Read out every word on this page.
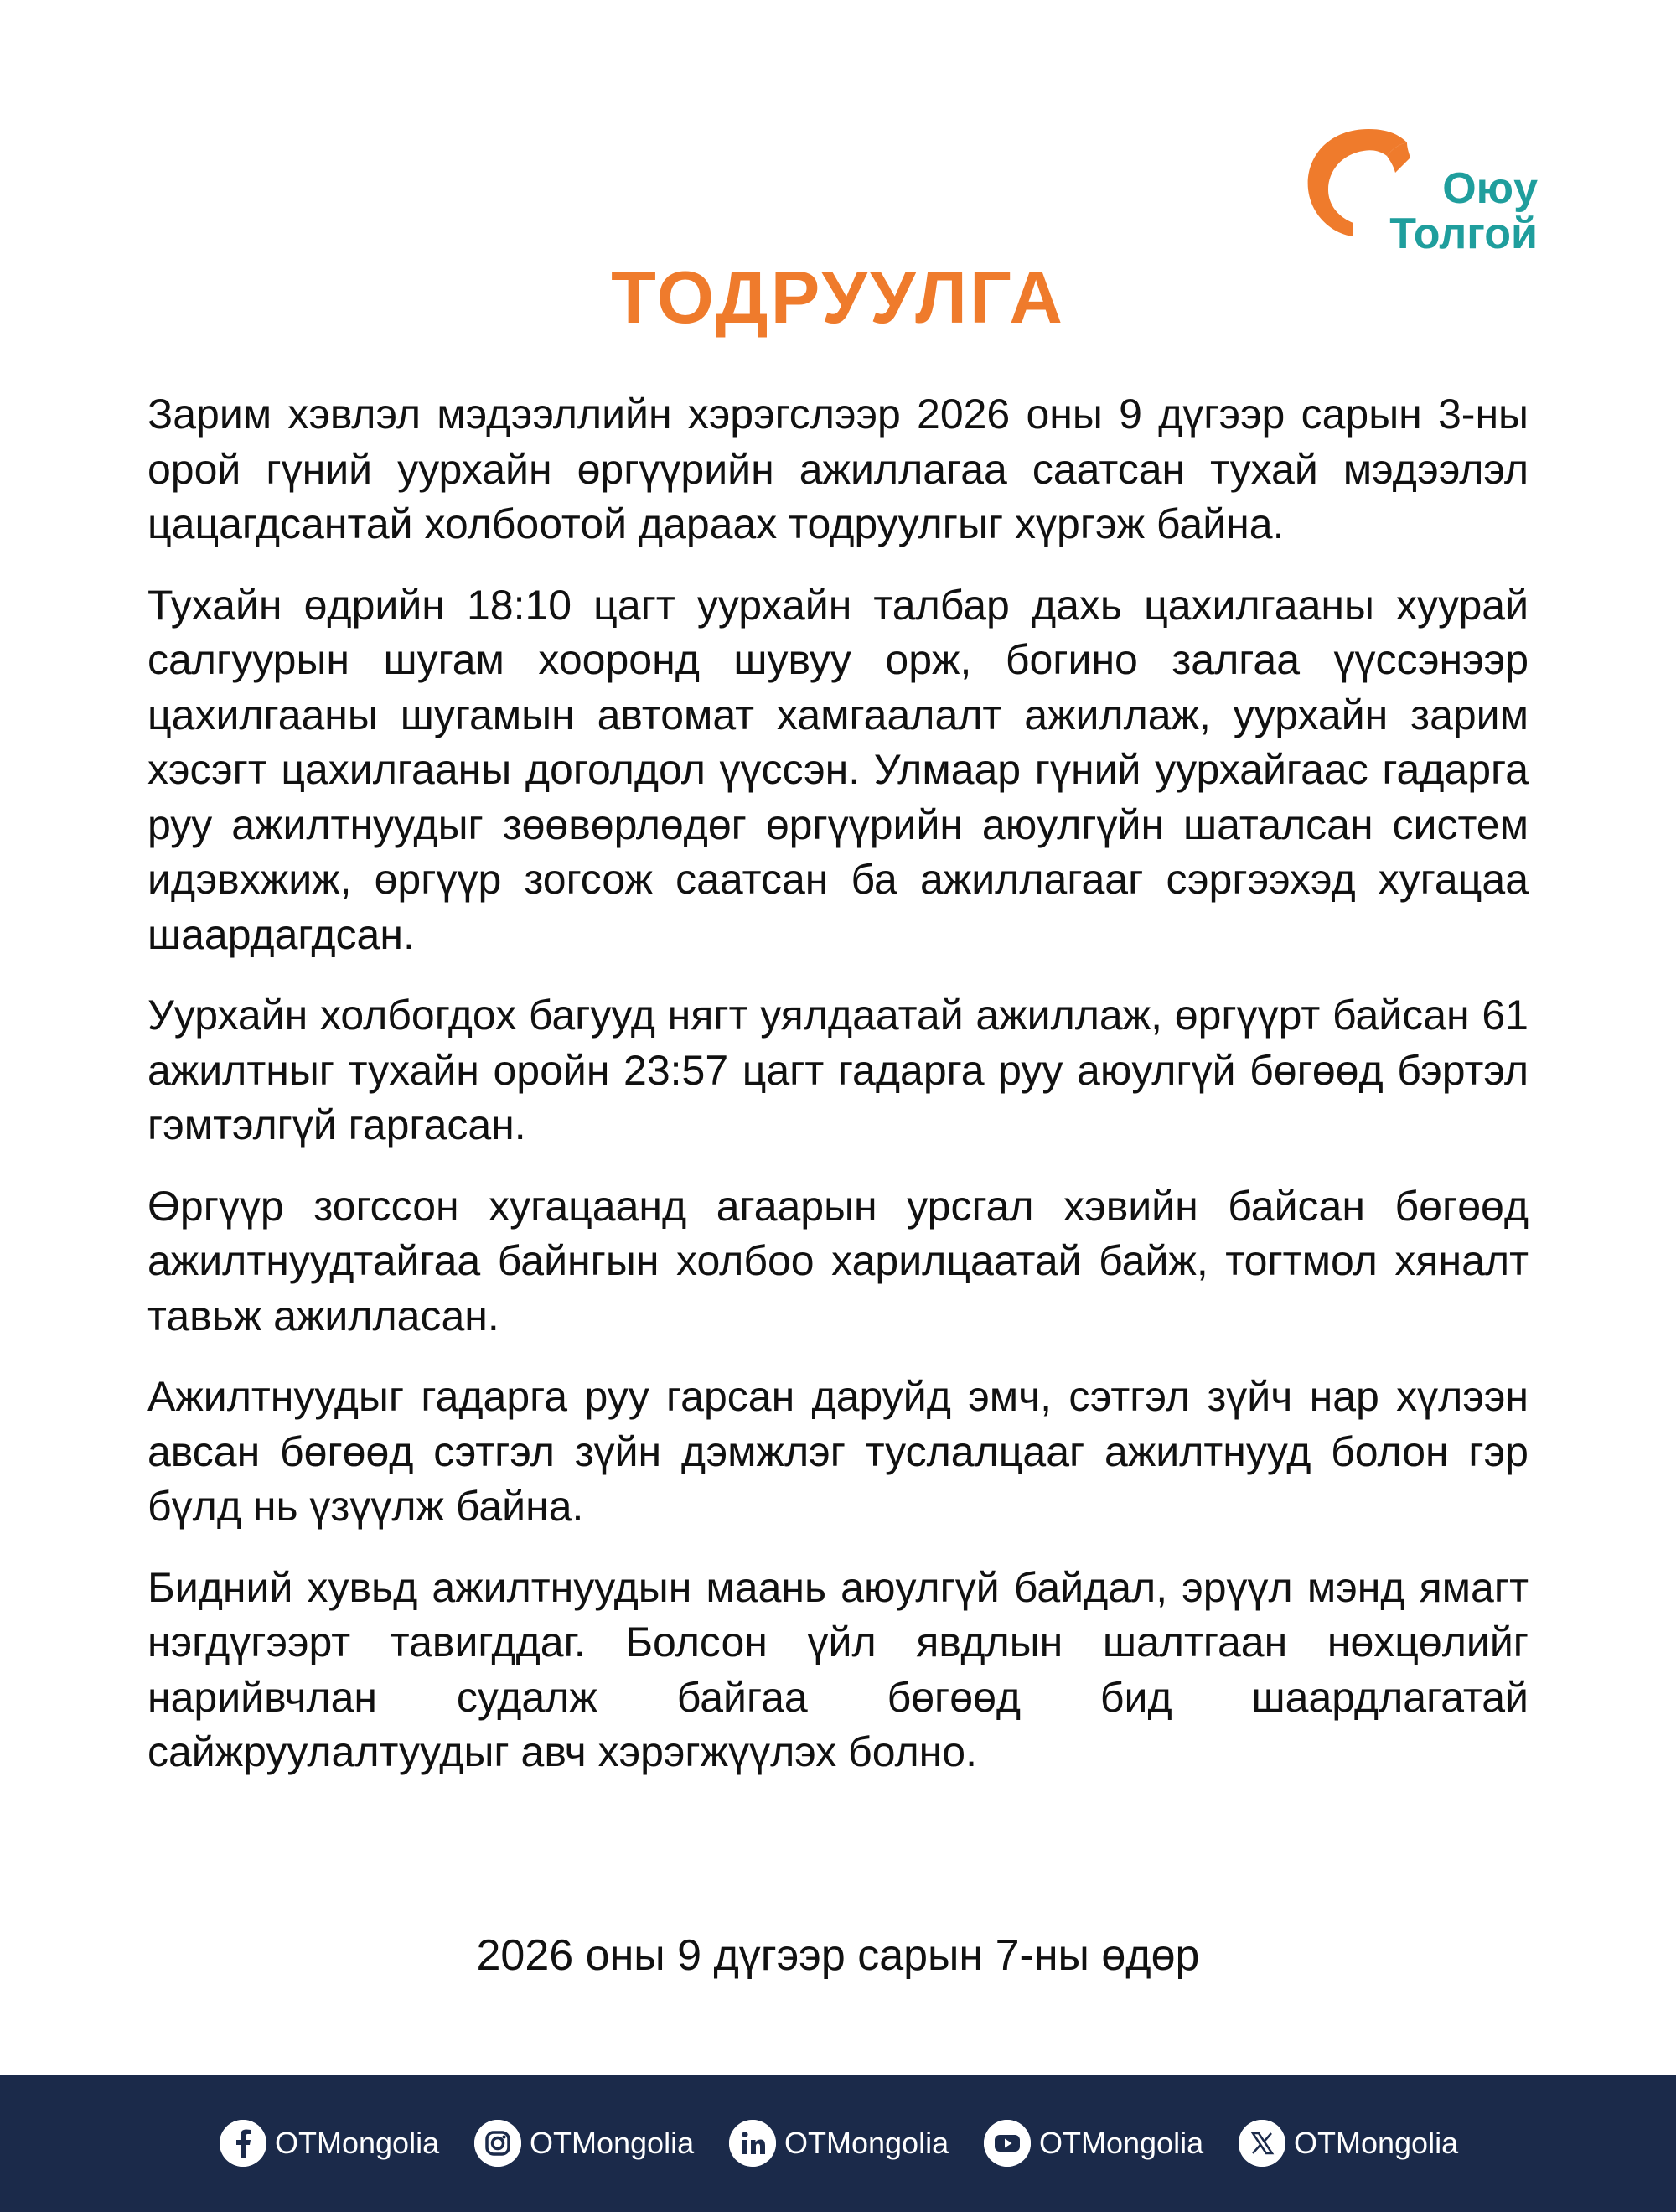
Оюу
Толгой
ТОДРУУЛГА

Зарим хэвлэл мэдээллийн хэрэгслээр 2026 оны 9 дүгээр сарын 3-ны орой гүний уурхайн өргүүрийн ажиллагаа саатсан тухай мэдээлэл цацагдсантай холбоотой дараах тодруулгыг хүргэж байна.

Тухайн өдрийн 18:10 цагт уурхайн талбар дахь цахилгааны хуурай салгуурын шугам хооронд шувуу орж, богино залгаа үүссэнээр цахилгааны шугамын автомат хамгаалалт ажиллаж, уурхайн зарим хэсэгт цахилгааны доголдол үүссэн. Улмаар гүний уурхайгаас гадарга руу ажилтнуудыг зөөвөрлөдөг өргүүрийн аюулгүйн шаталсан систем идэвхжиж, өргүүр зогсож саатсан ба ажиллагааг сэргээхэд хугацаа шаардагдсан.

Уурхайн холбогдох багууд нягт уялдаатай ажиллаж, өргүүрт байсан 61 ажилтныг тухайн оройн 23:57 цагт гадарга руу аюулгүй бөгөөд бэртэл гэмтэлгүй гаргасан.

Өргүүр зогссон хугацаанд агаарын урсгал хэвийн байсан бөгөөд ажилтнуудтайгаа байнгын холбоо харилцаатай байж, тогтмол хяналт тавьж ажилласан.

Ажилтнуудыг гадарга руу гарсан даруйд эмч, сэтгэл зүйч нар хүлээн авсан бөгөөд сэтгэл зүйн дэмжлэг туслалцааг ажилтнууд болон гэр бүлд нь үзүүлж байна.

Бидний хувьд ажилтнуудын маань аюулгүй байдал, эрүүл мэнд ямагт нэгдүгээрт тавигддаг. Болсон үйл явдлын шалтгаан нөхцөлийг нарийвчлан судалж байгаа бөгөөд бид шаардлагатай сайжруулалтуудыг авч хэрэгжүүлэх болно.

2026 оны 9 дүгээр сарын 7-ны өдөр
OTMongolia	OTMongolia	OTMongolia	OTMongolia	OTMongolia
